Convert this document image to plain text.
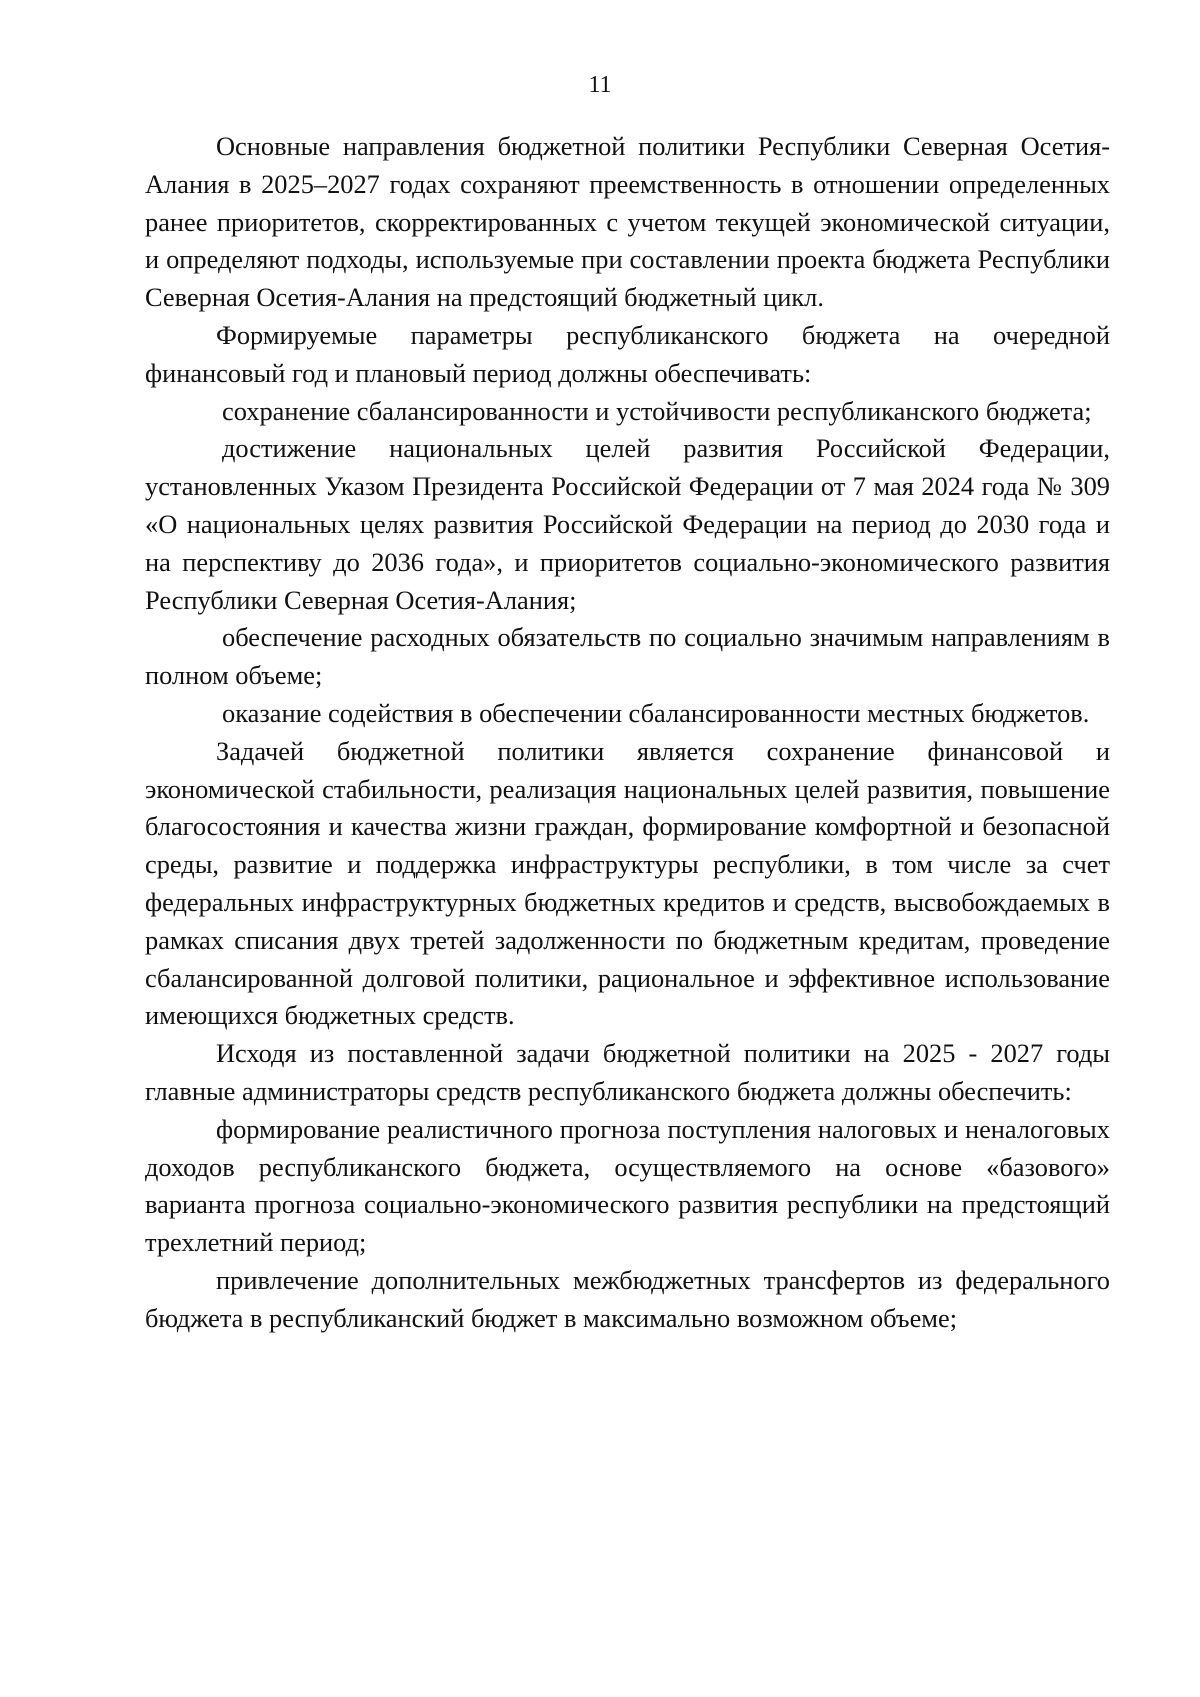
11

Основные направления бюджетной политики Республики Северная Осетия-Алания в 2025–2027 годах сохраняют преемственность в отношении определенных ранее приоритетов, скорректированных с учетом текущей экономической ситуации, и определяют подходы, используемые при составлении проекта бюджета Республики Северная Осетия-Алания на предстоящий бюджетный цикл.

Формируемые параметры республиканского бюджета на очередной финансовый год и плановый период должны обеспечивать:

сохранение сбалансированности и устойчивости республиканского бюджета;

достижение национальных целей развития Российской Федерации, установленных Указом Президента Российской Федерации от 7 мая 2024 года № 309 «О национальных целях развития Российской Федерации на период до 2030 года и на перспективу до 2036 года», и приоритетов социально-экономического развития Республики Северная Осетия-Алания;

обеспечение расходных обязательств по социально значимым направлениям в полном объеме;

оказание содействия в обеспечении сбалансированности местных бюджетов.

Задачей бюджетной политики является сохранение финансовой и экономической стабильности, реализация национальных целей развития, повышение благосостояния и качества жизни граждан, формирование комфортной и безопасной среды, развитие и поддержка инфраструктуры республики, в том числе за счет федеральных инфраструктурных бюджетных кредитов и средств, высвобождаемых в рамках списания двух третей задолженности по бюджетным кредитам, проведение сбалансированной долговой политики, рациональное и эффективное использование имеющихся бюджетных средств.

Исходя из поставленной задачи бюджетной политики на 2025 - 2027 годы главные администраторы средств республиканского бюджета должны обеспечить:

формирование реалистичного прогноза поступления налоговых и неналоговых доходов республиканского бюджета, осуществляемого на основе «базового» варианта прогноза социально-экономического развития республики на предстоящий трехлетний период;

привлечение дополнительных межбюджетных трансфертов из федерального бюджета в республиканский бюджет в максимально возможном объеме;
